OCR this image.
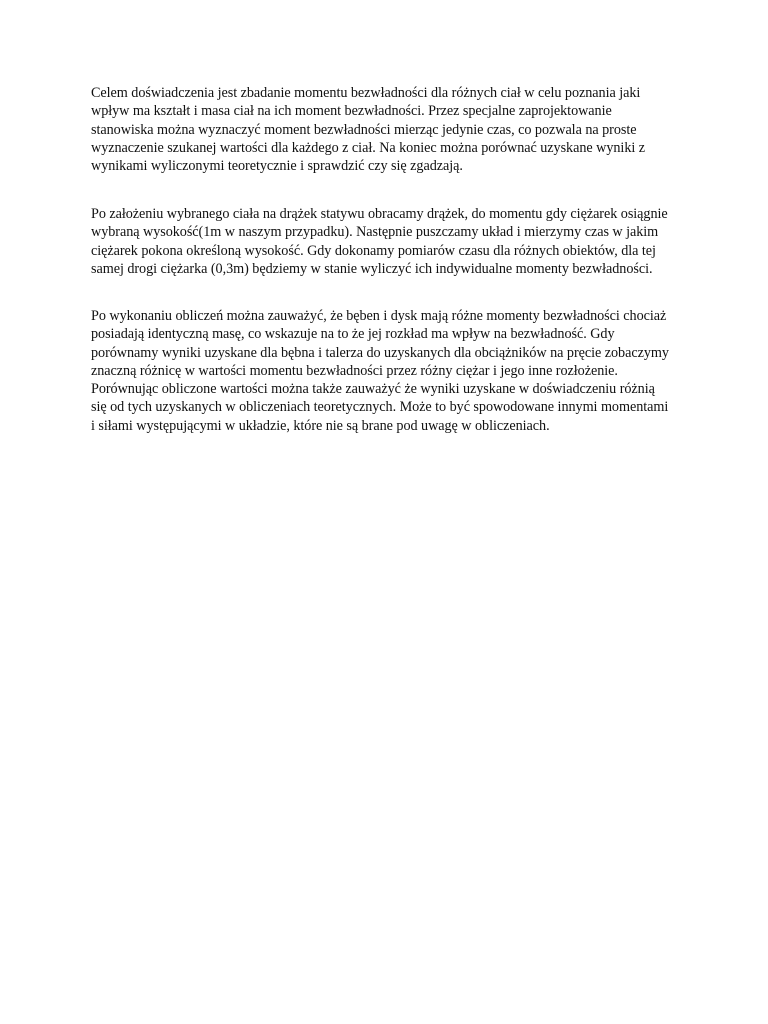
Celem doświadczenia jest zbadanie momentu bezwładności dla różnych ciał w celu poznania jaki
wpływ ma kształt i masa ciał na ich moment bezwładności. Przez specjalne zaprojektowanie
stanowiska można wyznaczyć moment bezwładności mierząc jedynie czas, co pozwala na proste
wyznaczenie szukanej wartości dla każdego z ciał. Na koniec można porównać uzyskane wyniki z
wynikami wyliczonymi teoretycznie i sprawdzić czy się zgadzają.

Po założeniu wybranego ciała na drążek statywu obracamy drążek, do momentu gdy ciężarek osiągnie
wybraną wysokość(1m w naszym przypadku). Następnie puszczamy układ i mierzymy czas w jakim
ciężarek pokona określoną wysokość. Gdy dokonamy pomiarów czasu dla różnych obiektów, dla tej
samej drogi ciężarka (0,3m) będziemy w stanie wyliczyć ich indywidualne momenty bezwładności.

Po wykonaniu obliczeń można zauważyć, że bęben i dysk mają różne momenty bezwładności chociaż
posiadają identyczną masę, co wskazuje na to że jej rozkład ma wpływ na bezwładność. Gdy
porównamy wyniki uzyskane dla bębna i talerza do uzyskanych dla obciążników na pręcie zobaczymy
znaczną różnicę w wartości momentu bezwładności przez różny ciężar i jego inne rozłożenie.
Porównując obliczone wartości można także zauważyć że wyniki uzyskane w doświadczeniu różnią
się od tych uzyskanych w obliczeniach teoretycznych. Może to być spowodowane innymi momentami
i siłami występującymi w układzie, które nie są brane pod uwagę w obliczeniach.
